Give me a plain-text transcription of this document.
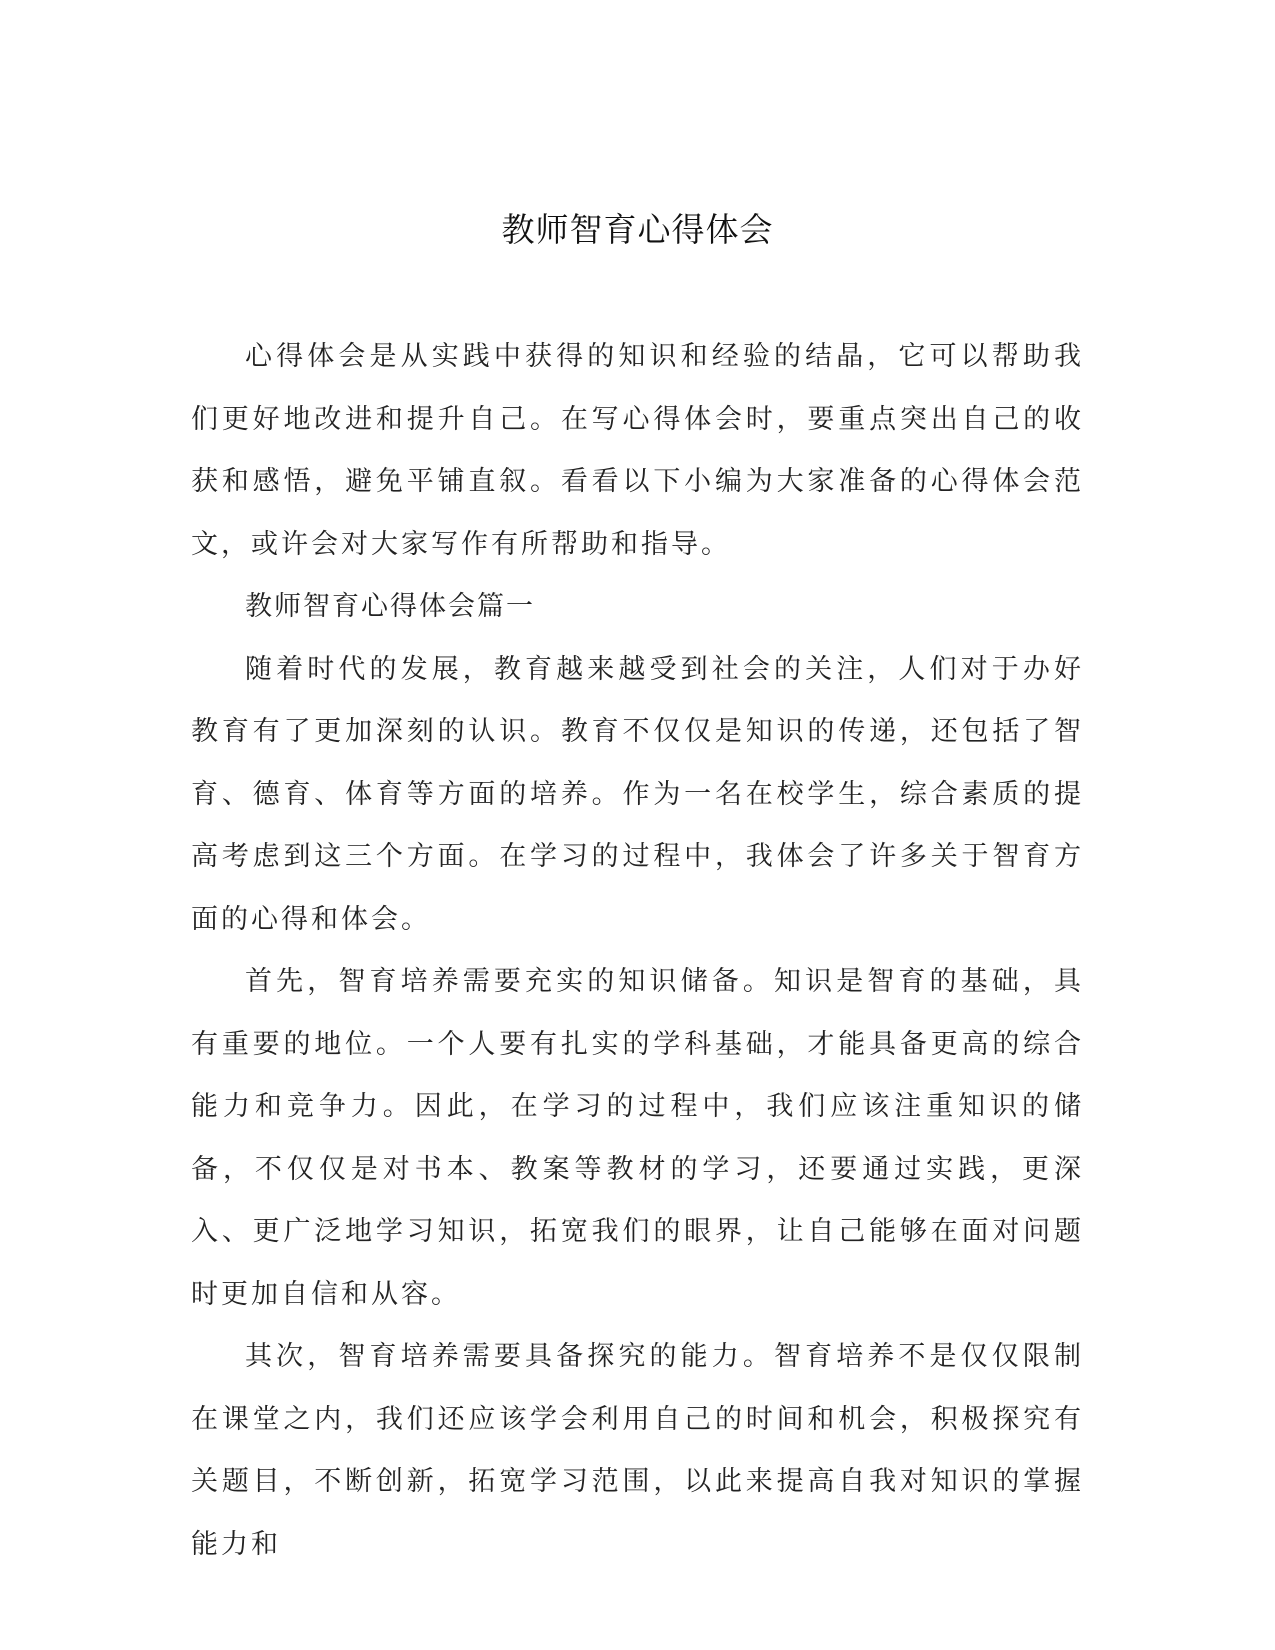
教师智育心得体会

心得体会是从实践中获得的知识和经验的结晶，它可以帮助我们更好地改进和提升自己。在写心得体会时，要重点突出自己的收获和感悟，避免平铺直叙。看看以下小编为大家准备的心得体会范文，或许会对大家写作有所帮助和指导。

教师智育心得体会篇一

随着时代的发展，教育越来越受到社会的关注，人们对于办好教育有了更加深刻的认识。教育不仅仅是知识的传递，还包括了智育、德育、体育等方面的培养。作为一名在校学生，综合素质的提高考虑到这三个方面。在学习的过程中，我体会了许多关于智育方面的心得和体会。

首先，智育培养需要充实的知识储备。知识是智育的基础，具有重要的地位。一个人要有扎实的学科基础，才能具备更高的综合能力和竞争力。因此，在学习的过程中，我们应该注重知识的储备，不仅仅是对书本、教案等教材的学习，还要通过实践，更深入、更广泛地学习知识，拓宽我们的眼界，让自己能够在面对问题时更加自信和从容。

其次，智育培养需要具备探究的能力。智育培养不是仅仅限制在课堂之内，我们还应该学会利用自己的时间和机会，积极探究有关题目，不断创新，拓宽学习范围，以此来提高自我对知识的掌握能力和
